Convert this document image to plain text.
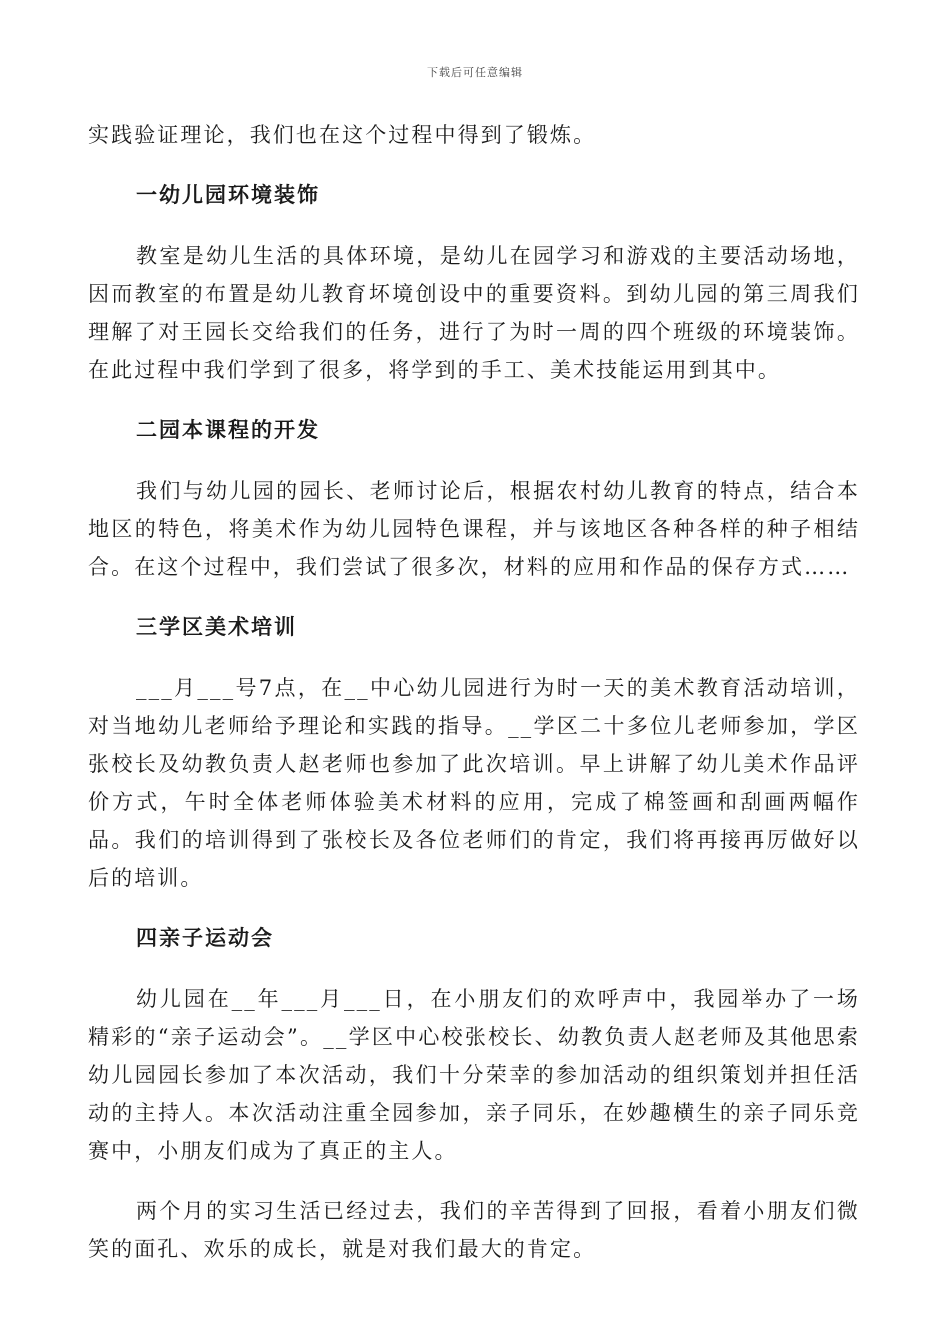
下载后可任意编辑

实践验证理论，我们也在这个过程中得到了锻炼。

一幼儿园环境装饰

教室是幼儿生活的具体环境，是幼儿在园学习和游戏的主要活动场地，因而教室的布置是幼儿教育坏境创设中的重要资料。到幼儿园的第三周我们理解了对王园长交给我们的任务，进行了为时一周的四个班级的环境装饰。在此过程中我们学到了很多，将学到的手工、美术技能运用到其中。

二园本课程的开发

我们与幼儿园的园长、老师讨论后，根据农村幼儿教育的特点，结合本地区的特色，将美术作为幼儿园特色课程，并与该地区各种各样的种子相结合。在这个过程中，我们尝试了很多次，材料的应用和作品的保存方式……

三学区美术培训

___月___号7点，在__中心幼儿园进行为时一天的美术教育活动培训，对当地幼儿老师给予理论和实践的指导。__学区二十多位儿老师参加，学区张校长及幼教负责人赵老师也参加了此次培训。早上讲解了幼儿美术作品评价方式，午时全体老师体验美术材料的应用，完成了棉签画和刮画两幅作品。我们的培训得到了张校长及各位老师们的肯定，我们将再接再厉做好以后的培训。

四亲子运动会

幼儿园在__年___月___日，在小朋友们的欢呼声中，我园举办了一场精彩的“亲子运动会”。__学区中心校张校长、幼教负责人赵老师及其他思索幼儿园园长参加了本次活动，我们十分荣幸的参加活动的组织策划并担任活动的主持人。本次活动注重全园参加，亲子同乐，在妙趣横生的亲子同乐竞赛中，小朋友们成为了真正的主人。

两个月的实习生活已经过去，我们的辛苦得到了回报，看着小朋友们微笑的面孔、欢乐的成长，就是对我们最大的肯定。
